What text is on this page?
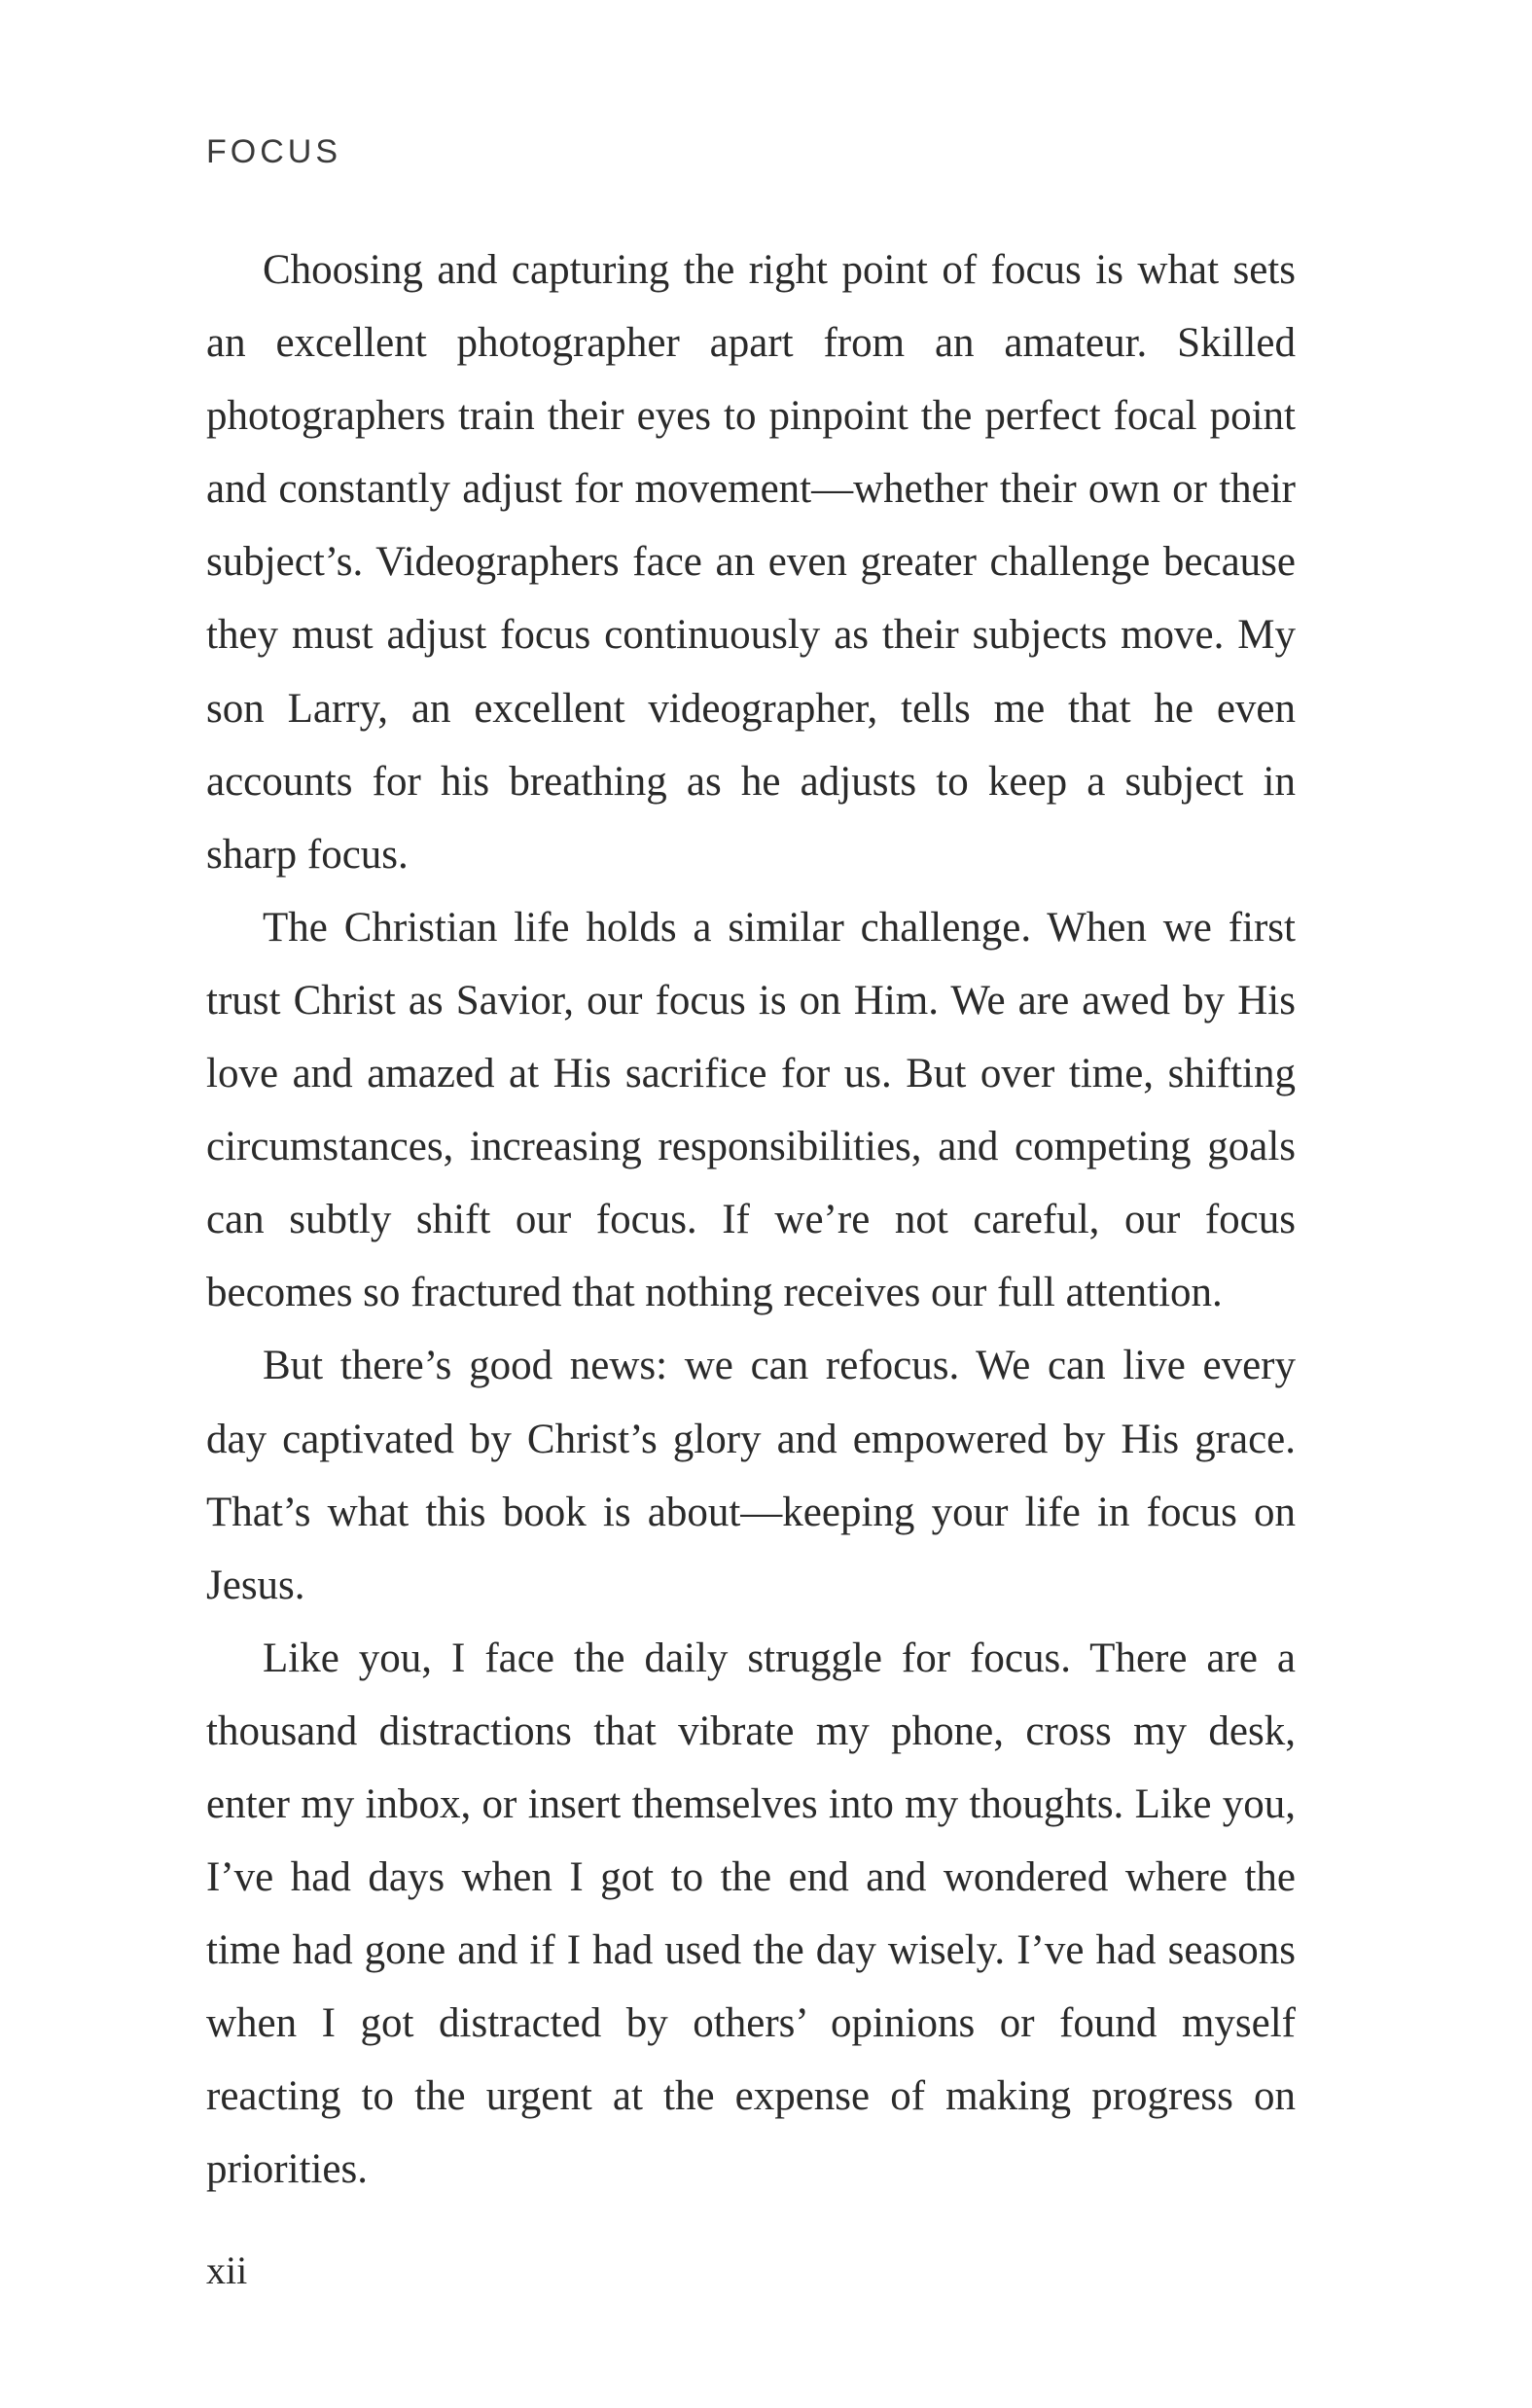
FOCUS

Choosing and capturing the right point of focus is what sets an excellent photographer apart from an amateur. Skilled photographers train their eyes to pinpoint the perfect focal point and constantly adjust for movement—whether their own or their subject’s. Videographers face an even greater challenge because they must adjust focus continuously as their subjects move. My son Larry, an excellent videographer, tells me that he even accounts for his breathing as he adjusts to keep a subject in sharp focus.

The Christian life holds a similar challenge. When we first trust Christ as Savior, our focus is on Him. We are awed by His love and amazed at His sacrifice for us. But over time, shifting circumstances, increasing responsibilities, and competing goals can subtly shift our focus. If we’re not careful, our focus becomes so fractured that nothing receives our full attention.

But there’s good news: we can refocus. We can live every day captivated by Christ’s glory and empowered by His grace. That’s what this book is about—keeping your life in focus on Jesus.

Like you, I face the daily struggle for focus. There are a thousand distractions that vibrate my phone, cross my desk, enter my inbox, or insert themselves into my thoughts. Like you, I’ve had days when I got to the end and wondered where the time had gone and if I had used the day wisely. I’ve had seasons when I got distracted by others’ opinions or found myself reacting to the urgent at the expense of making progress on priorities.

xii
